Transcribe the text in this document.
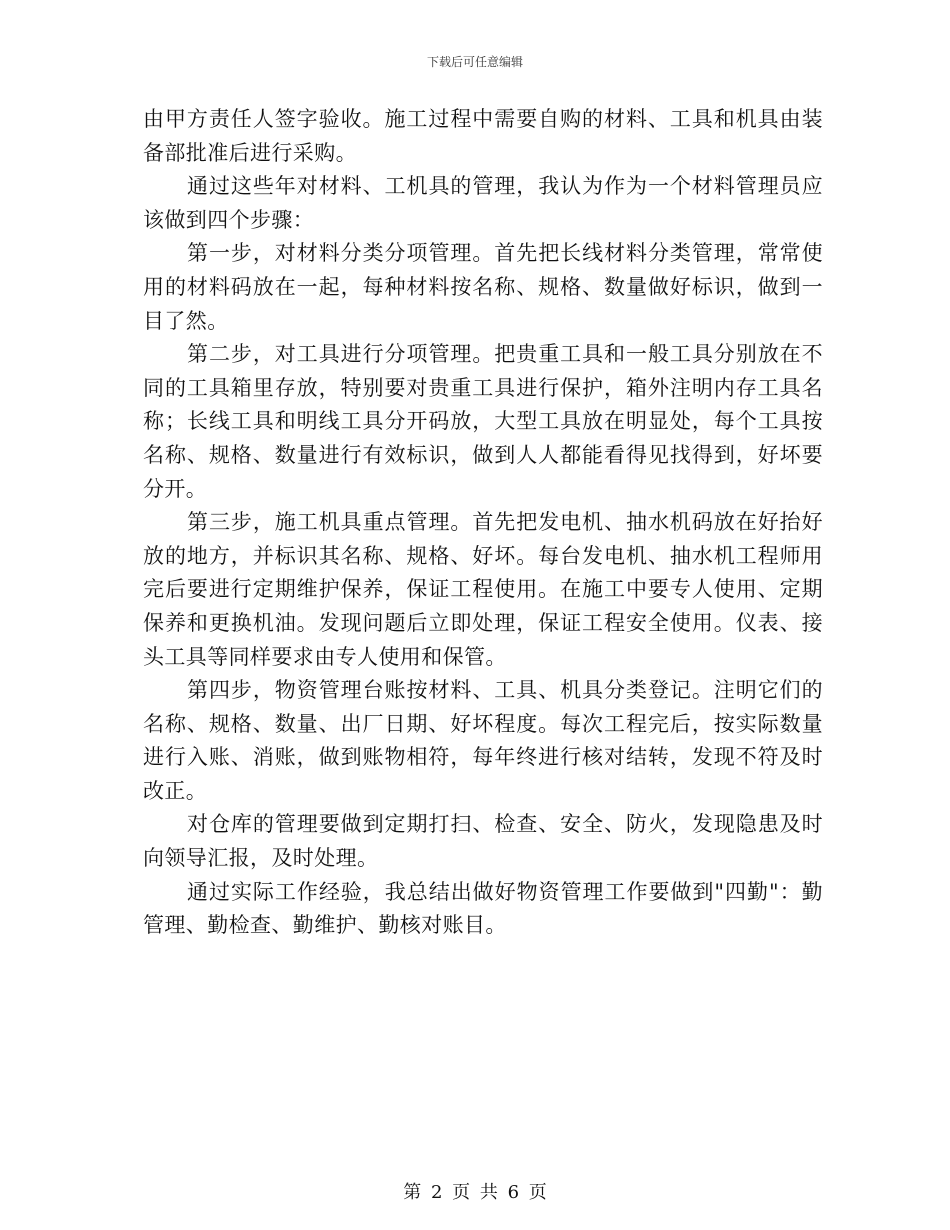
下载后可任意编辑

由甲方责任人签字验收。施工过程中需要自购的材料、工具和机具由装备部批准后进行采购。

通过这些年对材料、工机具的管理，我认为作为一个材料管理员应该做到四个步骤：

第一步，对材料分类分项管理。首先把长线材料分类管理，常常使用的材料码放在一起，每种材料按名称、规格、数量做好标识，做到一目了然。

第二步，对工具进行分项管理。把贵重工具和一般工具分别放在不同的工具箱里存放，特别要对贵重工具进行保护，箱外注明内存工具名称；长线工具和明线工具分开码放，大型工具放在明显处，每个工具按名称、规格、数量进行有效标识，做到人人都能看得见找得到，好坏要分开。

第三步，施工机具重点管理。首先把发电机、抽水机码放在好抬好放的地方，并标识其名称、规格、好坏。每台发电机、抽水机工程师用完后要进行定期维护保养，保证工程使用。在施工中要专人使用、定期保养和更换机油。发现问题后立即处理，保证工程安全使用。仪表、接头工具等同样要求由专人使用和保管。

第四步，物资管理台账按材料、工具、机具分类登记。注明它们的名称、规格、数量、出厂日期、好坏程度。每次工程完后，按实际数量进行入账、消账，做到账物相符，每年终进行核对结转，发现不符及时改正。

对仓库的管理要做到定期打扫、检查、安全、防火，发现隐患及时向领导汇报，及时处理。

通过实际工作经验，我总结出做好物资管理工作要做到"四勤"：勤管理、勤检查、勤维护、勤核对账目。

第 2 页 共 6 页
